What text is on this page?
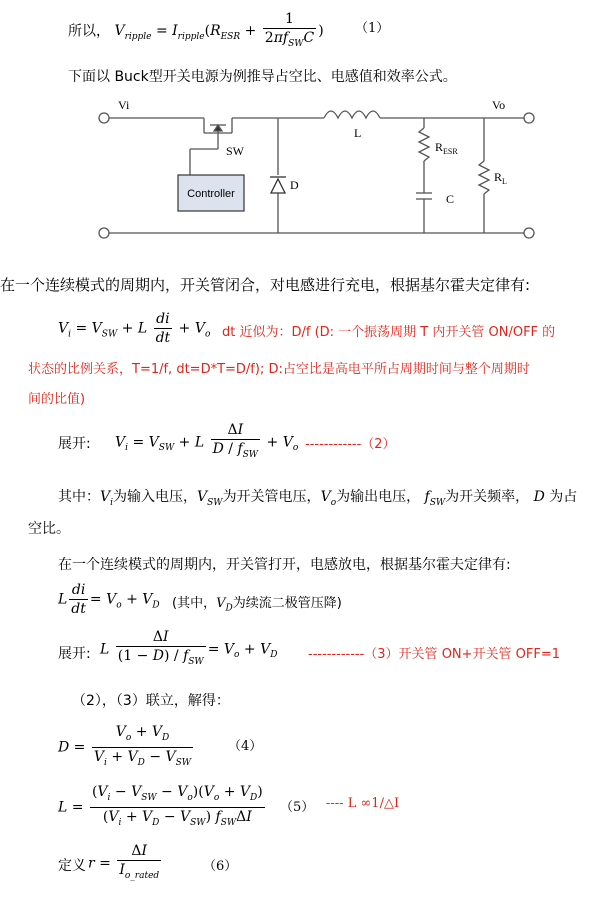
所以， $V_{ripple} = I_{ripple}(R_{ESR} + \frac{1}{2\pi f_{SW}C}$ ) （1）
下面以 Buck型开关电源为例推导占空比、电感值和效率公式。
Controller
Vi	Vo
L
SW
D
$R_{ESR}$
C
$R_L$
在一个连续模式的周期内，开关管闭合，对电感进行充电，根据基尔霍夫定律有:
$V_i = V_{SW} + L \frac{di}{dt} + V_o$ dt 近似为：D/f (D: 一个振荡周期 T 内开关管 ON/OFF 的
状态的比例关系，T=1/f, dt=D*T=D/f); D:占空比是高电平所占周期时间与整个周期时
间的比值)
展开: $V_i = V_{SW} + L \frac{\Delta I}{D / f_{SW}} + V_o$ ------------（2）
其中：$V_i$为输入电压，$V_{SW}$为开关管电压，$V_o$为输出电压， $f_{SW}$为开关频率， D 为占
空比。
在一个连续模式的周期内，开关管打开，电感放电，根据基尔霍夫定律有:
L $\frac{di}{dt} = V_o + V_D$ (其中，$V_D$为续流二极管压降)
展开: L $\frac{\Delta I}{(1 - D) / f_{SW}} = V_o + V_D$ ------------（3）开关管 ON+开关管 OFF=1
（2），（3）联立，解得：
$D = \frac{V_o + V_D}{V_i + V_D - V_{SW}}$	（4）
$L = \frac{(V_i - V_{SW} - V_o)(V_o + V_D)}{(V_i + V_D - V_{SW}) f_{SW}\Delta I} (5)$ ---- L ∞1/△I
定义 $r = \frac{\Delta I}{I_{o\_rated}}$	（6）
